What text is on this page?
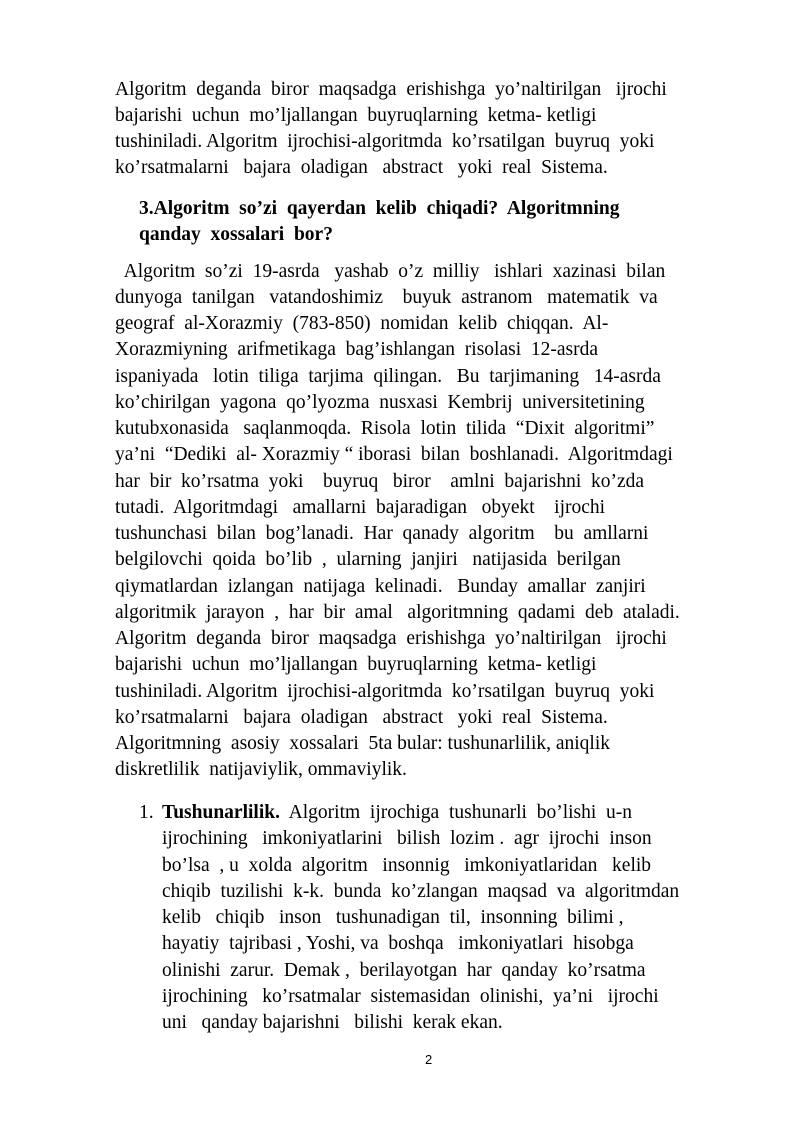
Algoritm  deganda  biror  maqsadga  erishishga  yo’naltirilgan   ijrochi
bajarishi  uchun  mo’ljallangan  buyruqlarning  ketma- ketligi
tushiniladi. Algoritm  ijrochisi-algoritmda  ko’rsatilgan  buyruq  yoki
ko’rsatmalarni   bajara  oladigan   abstract   yoki  real  Sistema.
3.Algoritm  so’zi  qayerdan  kelib  chiqadi?  Algoritmning
qanday  xossalari  bor?
Algoritm  so’zi  19-asrda   yashab  o’z  milliy   ishlari  xazinasi  bilan
dunyoga  tanilgan   vatandoshimiz    buyuk  astranom   matematik  va
geograf  al-Xorazmiy  (783-850)  nomidan  kelib  chiqqan.  Al-
Xorazmiyning  arifmetikaga  bag’ishlangan  risolasi  12-asrda
ispaniyada   lotin  tiliga  tarjima  qilingan.   Bu  tarjimaning   14-asrda
ko’chirilgan  yagona  qo’lyozma  nusxasi  Kembrij  universitetining
kutubxonasida   saqlanmoqda.  Risola  lotin  tilida  “Dixit  algoritmi”
ya’ni  “Dediki  al- Xorazmiy “ iborasi  bilan  boshlanadi.  Algoritmdagi
har  bir  ko’rsatma  yoki    buyruq   biror    amlni  bajarishni  ko’zda
tutadi.  Algoritmdagi   amallarni  bajaradigan   obyekt    ijrochi
tushunchasi  bilan  bog’lanadi.  Har  qanady  algoritm    bu  amllarni
belgilovchi  qoida  bo’lib  ,  ularning  janjiri   natijasida  berilgan
qiymatlardan  izlangan  natijaga  kelinadi.   Bunday  amallar  zanjiri
algoritmik  jarayon  ,  har  bir  amal   algoritmning  qadami  deb  ataladi.
Algoritm  deganda  biror  maqsadga  erishishga  yo’naltirilgan   ijrochi
bajarishi  uchun  mo’ljallangan  buyruqlarning  ketma- ketligi
tushiniladi. Algoritm  ijrochisi-algoritmda  ko’rsatilgan  buyruq  yoki
ko’rsatmalarni   bajara  oladigan   abstract   yoki  real  Sistema.
Algoritmning  asosiy  xossalari  5ta bular: tushunarlilik, aniqlik
diskretlilik  natijaviylik, ommaviylik.
1. Tushunarlilik.  Algoritm  ijrochiga  tushunarli  bo’lishi  u-n
ijrochining   imkoniyatlarini   bilish  lozim .  agr  ijrochi  inson
bo’lsa  , u  xolda  algoritm   insonnig   imkoniyatlaridan   kelib
chiqib  tuzilishi  k-k.  bunda  ko’zlangan  maqsad  va  algoritmdan
kelib   chiqib   inson   tushunadigan  til,  insonning  bilimi ,
hayatiy  tajribasi , Yoshi, va  boshqa   imkoniyatlari  hisobga
olinishi  zarur.  Demak ,  berilayotgan  har  qanday  ko’rsatma
ijrochining   ko’rsatmalar  sistemasidan  olinishi,  ya’ni   ijrochi
uni   qanday bajarishni   bilishi  kerak ekan.
2
